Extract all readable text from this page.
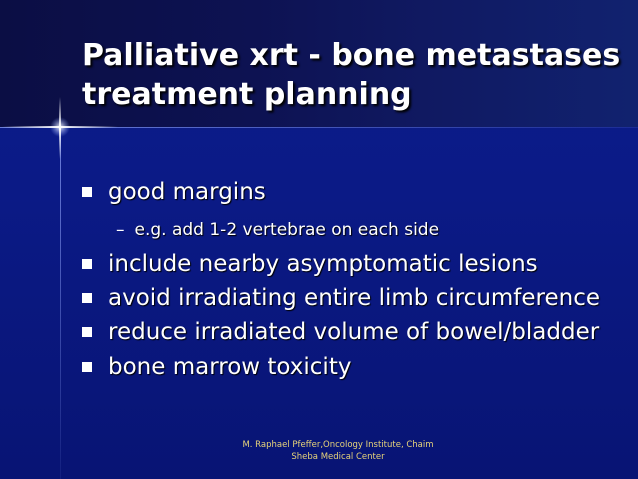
Palliative xrt - bone metastases
treatment planning
good margins
– e.g. add 1-2 vertebrae on each side
include nearby asymptomatic lesions
avoid irradiating entire limb circumference
reduce irradiated volume of bowel/bladder
bone marrow toxicity
M. Raphael Pfeffer,Oncology Institute, Chaim
Sheba Medical Center
